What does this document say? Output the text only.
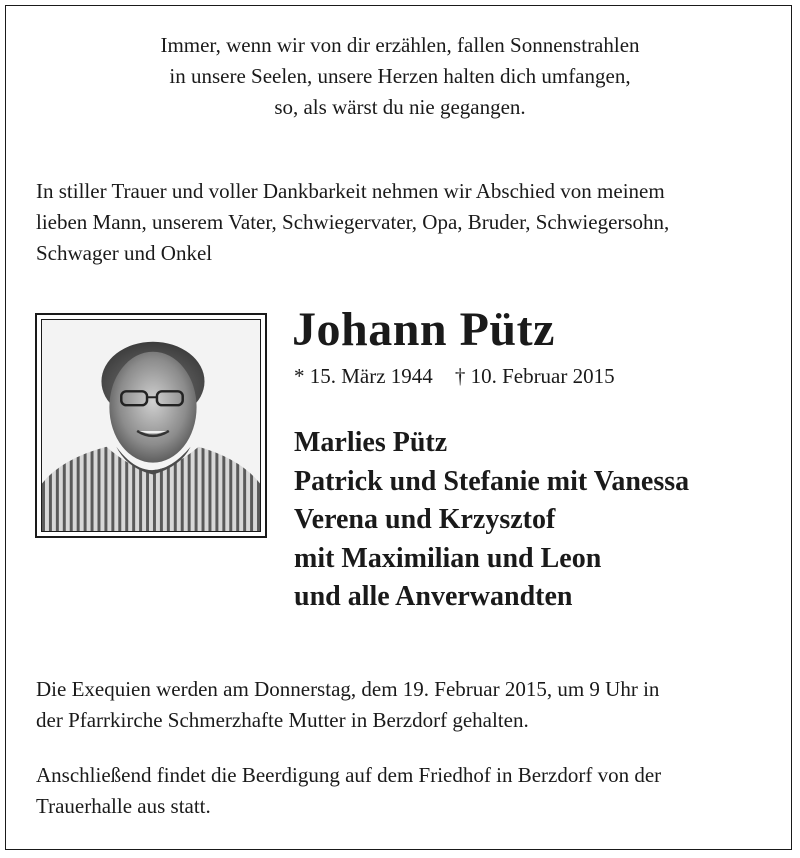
Immer, wenn wir von dir erzählen, fallen Sonnenstrahlen
in unsere Seelen, unsere Herzen halten dich umfangen,
so, als wärst du nie gegangen.
In stiller Trauer und voller Dankbarkeit nehmen wir Abschied von meinem
lieben Mann, unserem Vater, Schwiegervater, Opa, Bruder, Schwiegersohn,
Schwager und Onkel
Johann Pütz
* 15. März 1944 † 10. Februar 2015
Marlies Pütz
Patrick und Stefanie mit Vanessa
Verena und Krzysztof
mit Maximilian und Leon
und alle Anverwandten
Die Exequien werden am Donnerstag, dem 19. Februar 2015, um 9 Uhr in
der Pfarrkirche Schmerzhafte Mutter in Berzdorf gehalten.
Anschließend findet die Beerdigung auf dem Friedhof in Berzdorf von der
Trauerhalle aus statt.
